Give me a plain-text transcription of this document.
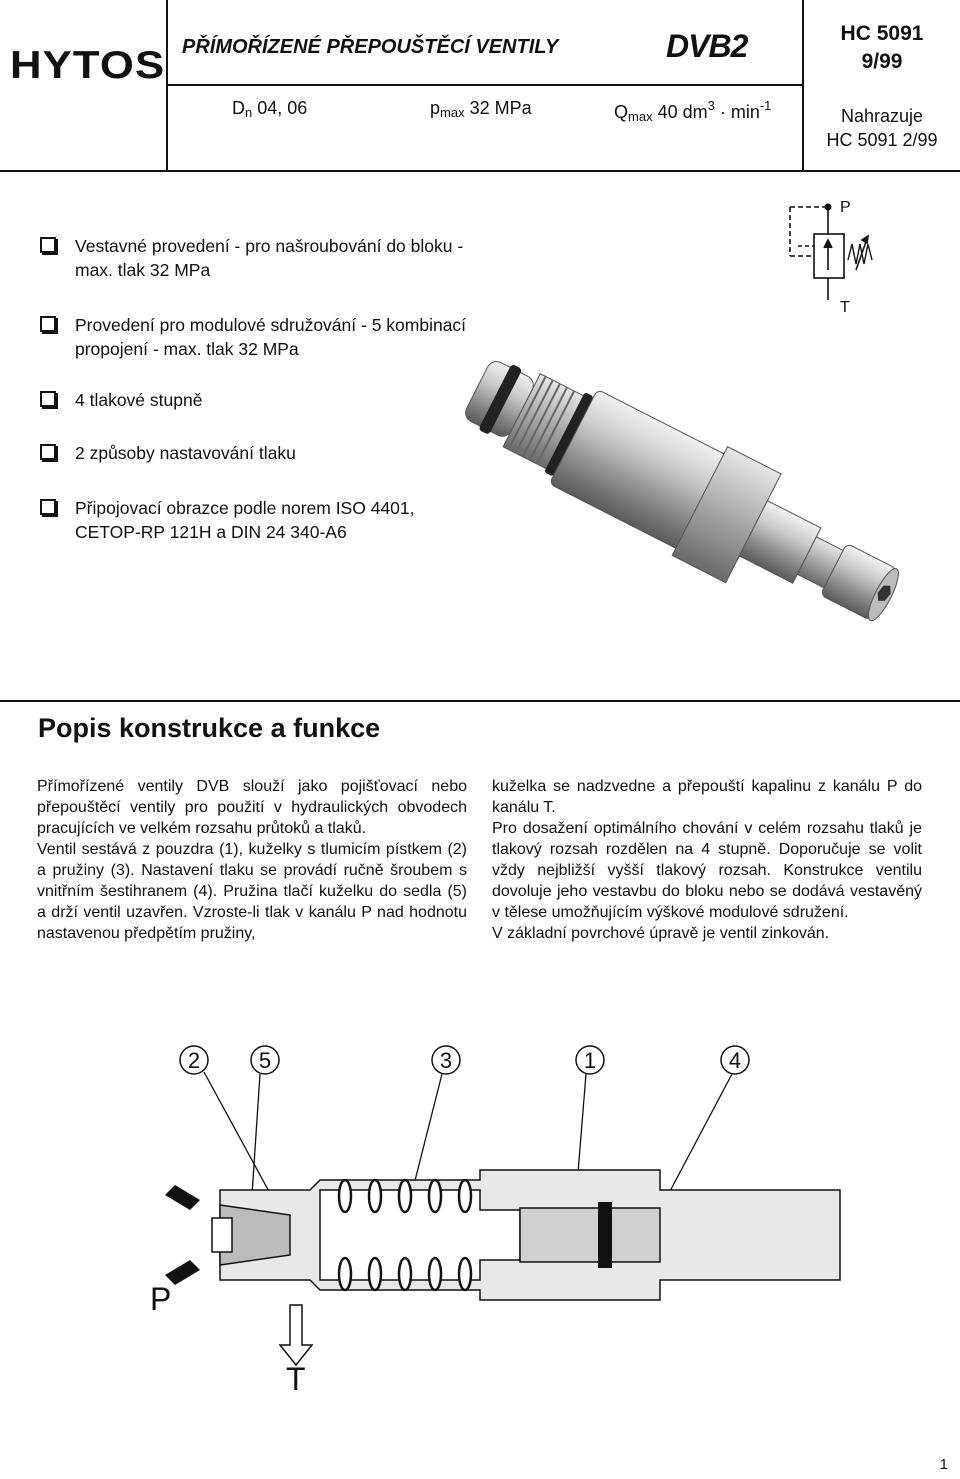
HYTOS PŘÍMOŘÍZENÉ PŘEPOUŠTĚCÍ VENTILY	DVB2
$D_n$ 04, 06	$p_{max}$ 32 MPa	$Q_{max}$ 40 $dm^3 \cdot \min^{-1}$
HC 5091
9/99
Nahrazuje
HC 5091 2/99
Vestavné provedení - pro našroubování do bloku -
max. tlak 32 MPa
Provedení pro modulové sdružování - 5 kombinací
propojení - max. tlak 32 MPa
4 tlakové stupně
2 způsoby nastavování tlaku
Připojovací obrazce podle norem ISO 4401,
CETOP-RP 121H a DIN 24 340-A6
P
T
Popis konstrukce a funkce

Přímořízené ventily DVB slouží jako pojišťovací nebo přepouštěcí ventily pro použití v hydraulických obvodech pracujících ve velkém rozsahu průtoků a tlaků.

Ventil sestává z pouzdra (1), kuželky s tlumicím pístkem (2) a pružiny (3). Nastavení tlaku se provádí ručně šroubem s vnitřním šestihranem (4). Pružina tlačí kuželku do sedla (5) a drží ventil uzavřen. Vzroste-li tlak v kanálu P nad hodnotu nastavenou předpětím pružiny,

kuželka se nadzvedne a přepouští kapalinu z kanálu P do kanálu T.

Pro dosažení optimálního chování v celém rozsahu tlaků je tlakový rozsah rozdělen na 4 stupně. Doporučuje se volit vždy nejbližší vyšší tlakový rozsah. Konstrukce ventilu dovoluje jeho vestavbu do bloku nebo se dodává vestavěný v tělese umožňujícím výškové modulové sdružení.

V základní povrchové úpravě je ventil zinkován.

2	5	3	1	4
P
T
1
